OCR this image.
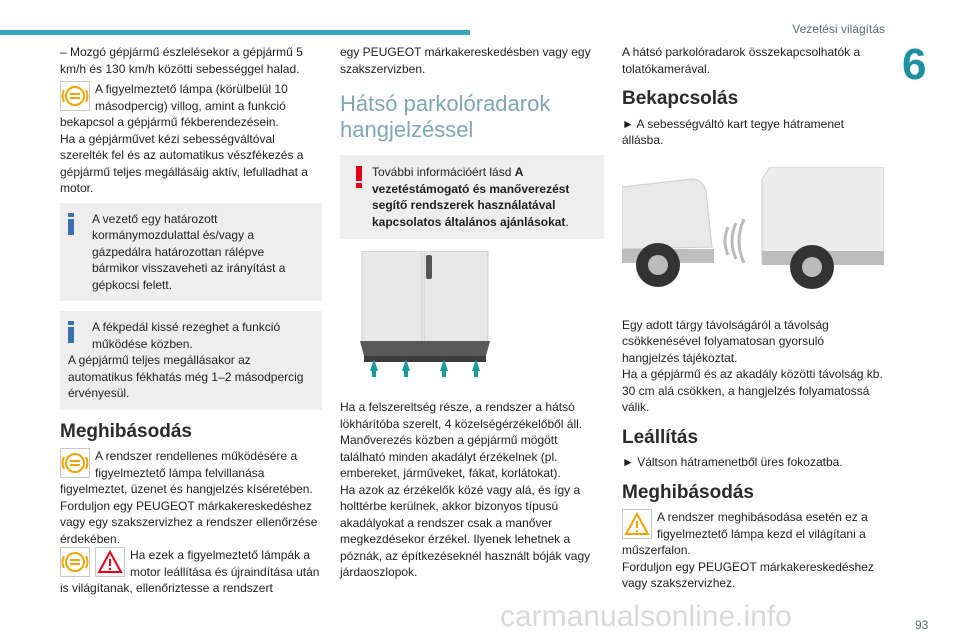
Vezetési világítás
6

– Mozgó gépjármű észlelésekor a gépjármű 5 km/h és 130 km/h közötti sebességgel halad.

A figyelmeztető lámpa (körülbelül 10 másodpercig) villog, amint a funkció bekapcsol a gépjármű fékberendezésein.

Ha a gépjárművet kézi sebességváltóval szerelték fel és az automatikus vészfékezés a gépjármű teljes megállásáig aktív, lefulladhat a motor.

A vezető egy határozott kormánymozdulattal és/vagy a gázpedálra határozottan rálépve bármikor visszaveheti az irányítást a gépkocsi felett.

A fékpedál kissé rezeghet a funkció működése közben.

A gépjármű teljes megállásakor az automatikus fékhatás még 1–2 másodpercig érvényesül.

Meghibásodás

A rendszer rendellenes működésére a figyelmeztető lámpa felvillanása figyelmeztet, üzenet és hangjelzés kíséretében.

Forduljon egy PEUGEOT márkakereskedéshez vagy egy szakszervizhez a rendszer ellenőrzése érdekében.

Ha ezek a figyelmeztető lámpák a motor leállítása és újraindítása után is világítanak, ellenőriztesse a rendszert

egy PEUGEOT márkakereskedésben vagy egy szakszervizben.

Hátsó parkolóradarok hangjelzéssel

További információért lásd A vezetéstámogató és manőverezést segítő rendszerek használatával kapcsolatos általános ajánlásokat.

Ha a felszereltség része, a rendszer a hátsó lökhárítóba szerelt, 4 közelségérzékelőből áll.

Manőverezés közben a gépjármű mögött található minden akadályt érzékelnek (pl. embereket, járműveket, fákat, korlátokat).

Ha azok az érzékelők közé vagy alá, és így a holttérbe kerülnek, akkor bizonyos típusú akadályokat a rendszer csak a manőver megkezdésekor érzékel. Ilyenek lehetnek a póznák, az építkezéseknél használt bóják vagy járdaoszlopok.

A hátsó parkolóradarok összekapcsolhatók a tolatókamerával.

Bekapcsolás

► A sebességváltó kart tegye hátramenet állásba.

Egy adott tárgy távolságáról a távolság csökkenésével folyamatosan gyorsuló hangjelzés tájékoztat.

Ha a gépjármű és az akadály közötti távolság kb. 30 cm alá csökken, a hangjelzés folyamatossá válik.

Leállítás

► Váltson hátramenetből üres fokozatba.

Meghibásodás

A rendszer meghibásodása esetén ez a figyelmeztető lámpa kezd el világítani a műszerfalon.

Forduljon egy PEUGEOT márkakereskedéshez vagy szakszervizhez.

93
carmanualsonline.info
